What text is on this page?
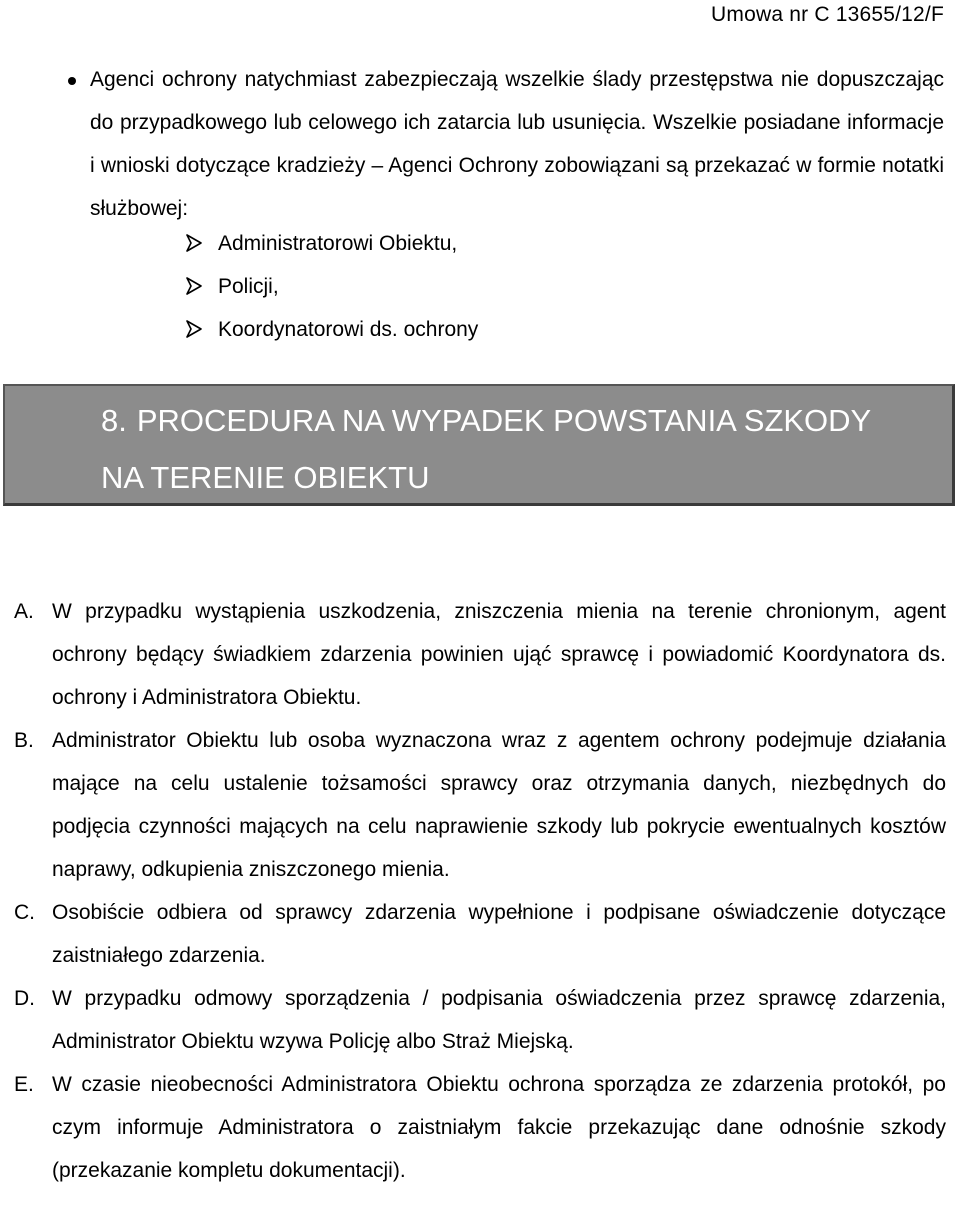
Umowa nr C 13655/12/F
Agenci ochrony natychmiast zabezpieczają wszelkie ślady przestępstwa nie dopuszczając do przypadkowego lub celowego ich zatarcia lub usunięcia. Wszelkie posiadane informacje i wnioski dotyczące kradzieży – Agenci Ochrony zobowiązani są przekazać w formie notatki służbowej:
Administratorowi Obiektu,
Policji,
Koordynatorowi ds. ochrony
8. PROCEDURA NA WYPADEK POWSTANIA SZKODY
NA TERENIE OBIEKTU
A. W przypadku wystąpienia uszkodzenia, zniszczenia mienia na terenie chronionym, agent ochrony będący świadkiem zdarzenia powinien ująć sprawcę i powiadomić Koordynatora ds. ochrony i Administratora Obiektu.
B. Administrator Obiektu lub osoba wyznaczona wraz z agentem ochrony podejmuje działania mające na celu ustalenie tożsamości sprawcy oraz otrzymania danych, niezbędnych do podjęcia czynności mających na celu naprawienie szkody lub pokrycie ewentualnych kosztów naprawy, odkupienia zniszczonego mienia.
C. Osobiście odbiera od sprawcy zdarzenia wypełnione i podpisane oświadczenie dotyczące zaistniałego zdarzenia.
D. W przypadku odmowy sporządzenia / podpisania oświadczenia przez sprawcę zdarzenia, Administrator Obiektu wzywa Policję albo Straż Miejską.
E. W czasie nieobecności Administratora Obiektu ochrona sporządza ze zdarzenia protokół, po czym informuje Administratora o zaistniałym fakcie przekazując dane odnośnie szkody (przekazanie kompletu dokumentacji).
